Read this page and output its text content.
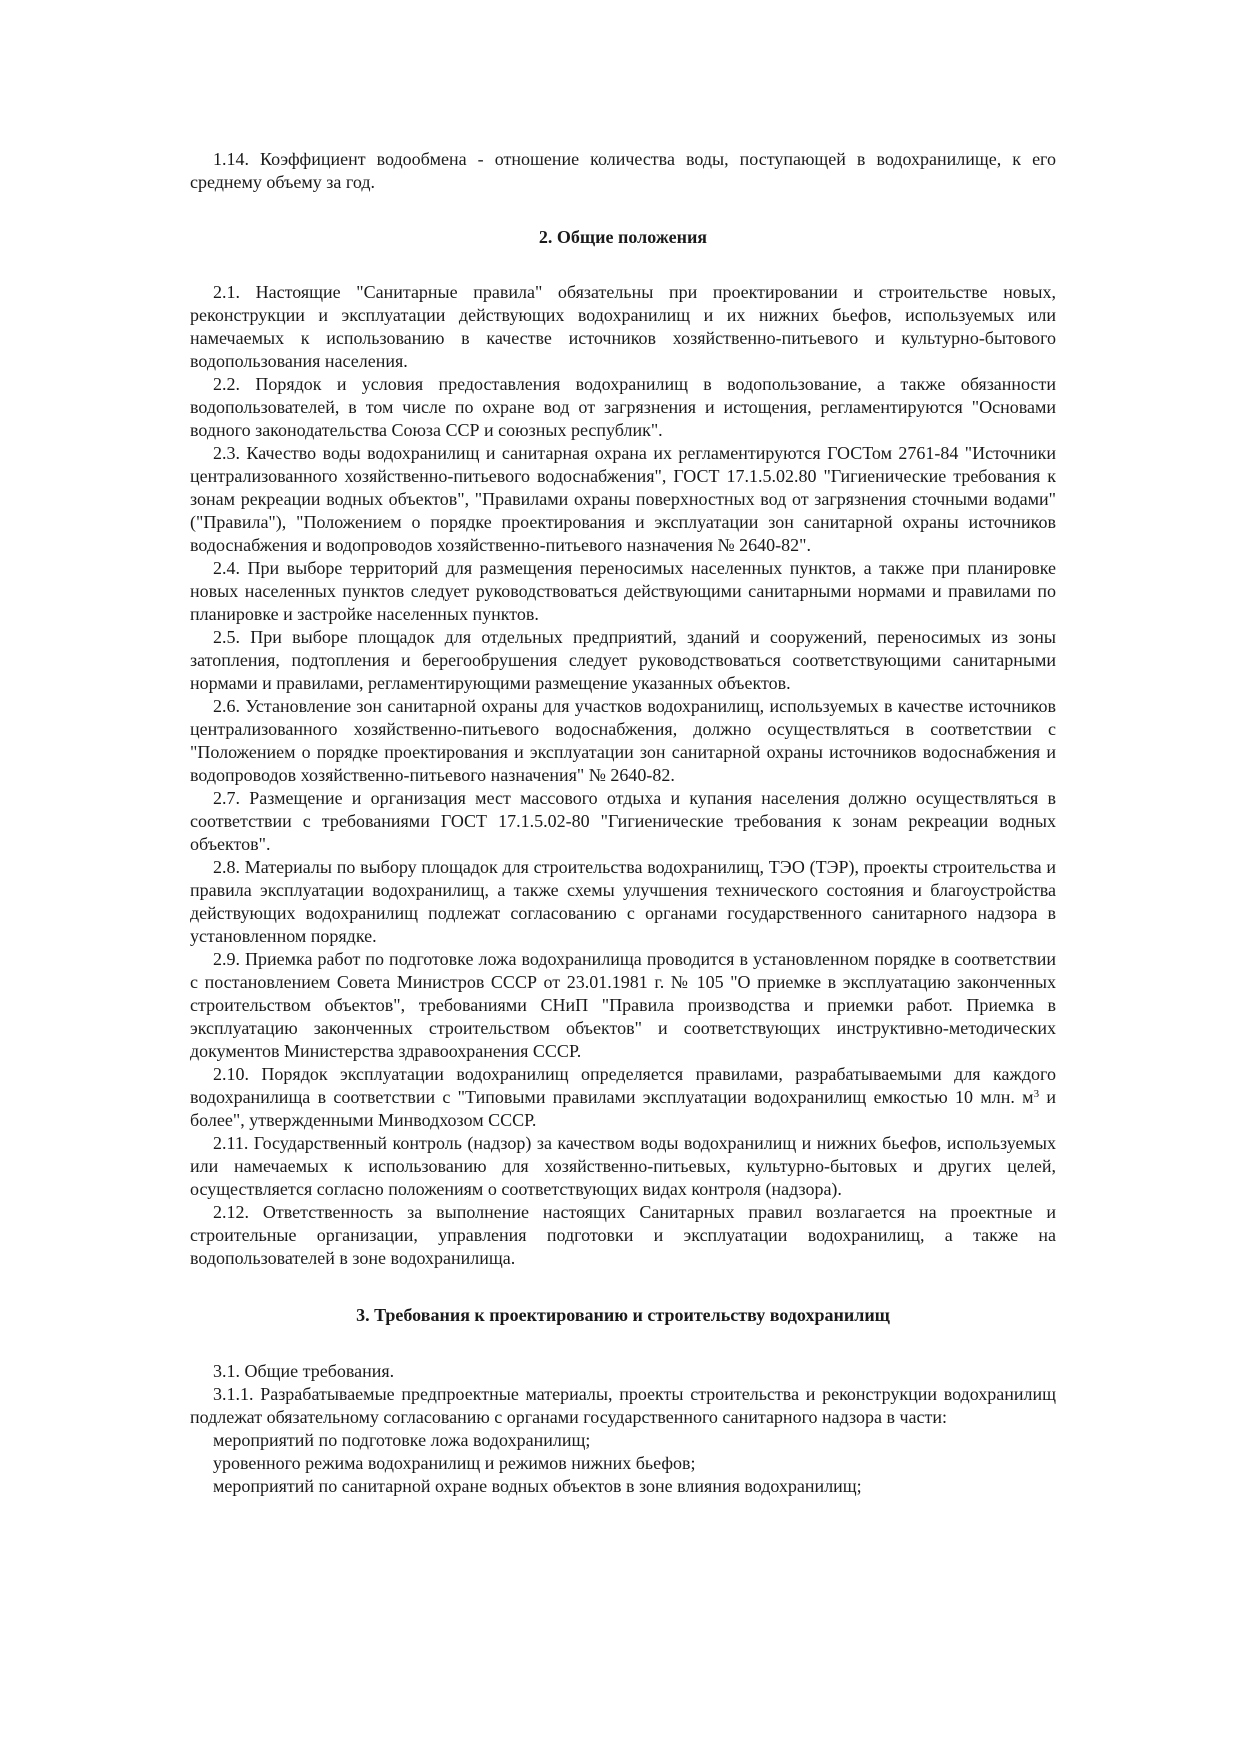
1.14. Коэффициент водообмена - отношение количества воды, поступающей в водохранилище, к его среднему объему за год.

2. Общие положения

2.1. Настоящие "Санитарные правила" обязательны при проектировании и строительстве новых, реконструкции и эксплуатации действующих водохранилищ и их нижних бьефов, используемых или намечаемых к использованию в качестве источников хозяйственно-питьевого и культурно-бытового водопользования населения.

2.2. Порядок и условия предоставления водохранилищ в водопользование, а также обязанности водопользователей, в том числе по охране вод от загрязнения и истощения, регламентируются "Основами водного законодательства Союза ССР и союзных республик".

2.3. Качество воды водохранилищ и санитарная охрана их регламентируются ГОСТом 2761-84 "Источники централизованного хозяйственно-питьевого водоснабжения", ГОСТ 17.1.5.02.80 "Гигиенические требования к зонам рекреации водных объектов", "Правилами охраны поверхностных вод от загрязнения сточными водами" ("Правила"), "Положением о порядке проектирования и эксплуатации зон санитарной охраны источников водоснабжения и водопроводов хозяйственно-питьевого назначения № 2640-82".

2.4. При выборе территорий для размещения переносимых населенных пунктов, а также при планировке новых населенных пунктов следует руководствоваться действующими санитарными нормами и правилами по планировке и застройке населенных пунктов.

2.5. При выборе площадок для отдельных предприятий, зданий и сооружений, переносимых из зоны затопления, подтопления и берегообрушения следует руководствоваться соответствующими санитарными нормами и правилами, регламентирующими размещение указанных объектов.

2.6. Установление зон санитарной охраны для участков водохранилищ, используемых в качестве источников централизованного хозяйственно-питьевого водоснабжения, должно осуществляться в соответствии с "Положением о порядке проектирования и эксплуатации зон санитарной охраны источников водоснабжения и водопроводов хозяйственно-питьевого назначения" № 2640-82.

2.7. Размещение и организация мест массового отдыха и купания населения должно осуществляться в соответствии с требованиями ГОСТ 17.1.5.02-80 "Гигиенические требования к зонам рекреации водных объектов".

2.8. Материалы по выбору площадок для строительства водохранилищ, ТЭО (ТЭР), проекты строительства и правила эксплуатации водохранилищ, а также схемы улучшения технического состояния и благоустройства действующих водохранилищ подлежат согласованию с органами государственного санитарного надзора в установленном порядке.

2.9. Приемка работ по подготовке ложа водохранилища проводится в установленном порядке в соответствии с постановлением Совета Министров СССР от 23.01.1981 г. № 105 "О приемке в эксплуатацию законченных строительством объектов", требованиями СНиП "Правила производства и приемки работ. Приемка в эксплуатацию законченных строительством объектов" и соответствующих инструктивно-методических документов Министерства здравоохранения СССР.

2.10. Порядок эксплуатации водохранилищ определяется правилами, разрабатываемыми для каждого водохранилища в соответствии с "Типовыми правилами эксплуатации водохранилищ емкостью 10 млн. $м^3$ и более", утвержденными Минводхозом СССР.

2.11. Государственный контроль (надзор) за качеством воды водохранилищ и нижних бьефов, используемых или намечаемых к использованию для хозяйственно-питьевых, культурно-бытовых и других целей, осуществляется согласно положениям о соответствующих видах контроля (надзора).

2.12. Ответственность за выполнение настоящих Санитарных правил возлагается на проектные и строительные организации, управления подготовки и эксплуатации водохранилищ, а также на водопользователей в зоне водохранилища.

3. Требования к проектированию и строительству водохранилищ

3.1. Общие требования.

3.1.1. Разрабатываемые предпроектные материалы, проекты строительства и реконструкции водохранилищ подлежат обязательному согласованию с органами государственного санитарного надзора в части:

мероприятий по подготовке ложа водохранилищ;

уровенного режима водохранилищ и режимов нижних бьефов;

мероприятий по санитарной охране водных объектов в зоне влияния водохранилищ;
